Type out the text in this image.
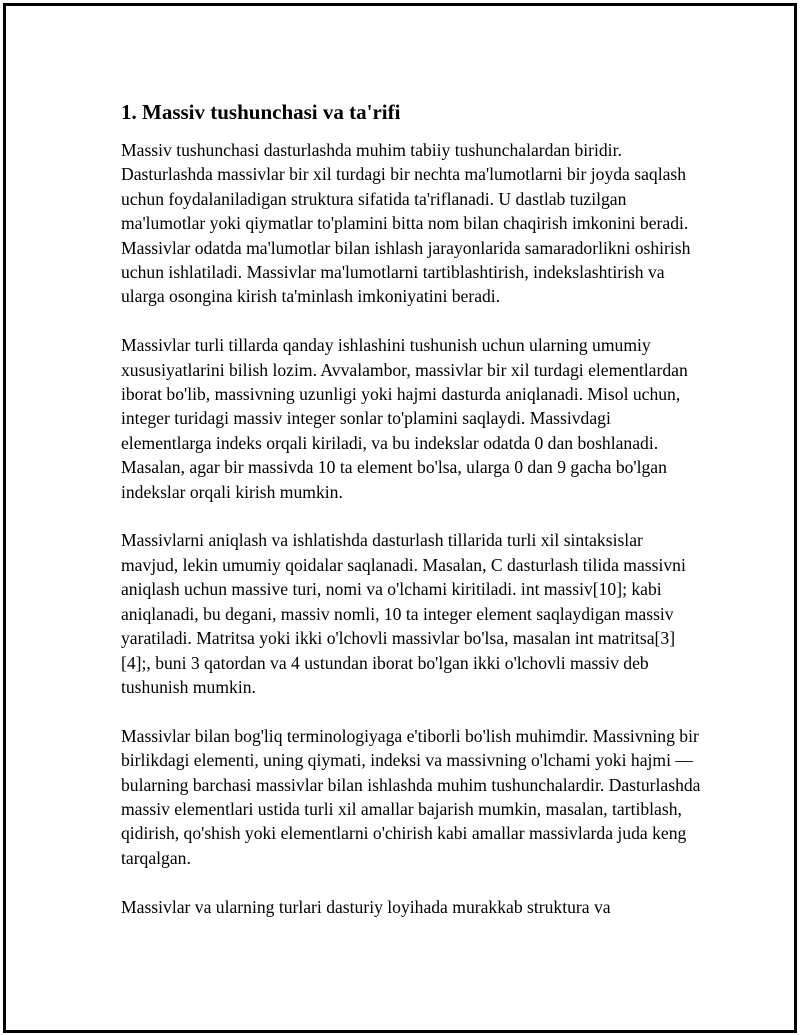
1. Massiv tushunchasi va ta'rifi

Massiv tushunchasi dasturlashda muhim tabiiy tushunchalardan biridir. Dasturlashda massivlar bir xil turdagi bir nechta ma'lumotlarni bir joyda saqlash uchun foydalaniladigan struktura sifatida ta'riflanadi. U dastlab tuzilgan ma'lumotlar yoki qiymatlar to'plamini bitta nom bilan chaqirish imkonini beradi. Massivlar odatda ma'lumotlar bilan ishlash jarayonlarida samaradorlikni oshirish uchun ishlatiladi. Massivlar ma'lumotlarni tartiblashtirish, indekslashtirish va ularga osongina kirish ta'minlash imkoniyatini beradi.

Massivlar turli tillarda qanday ishlashini tushunish uchun ularning umumiy xususiyatlarini bilish lozim. Avvalambor, massivlar bir xil turdagi elementlardan iborat bo'lib, massivning uzunligi yoki hajmi dasturda aniqlanadi. Misol uchun, integer turidagi massiv integer sonlar to'plamini saqlaydi. Massivdagi elementlarga indeks orqali kiriladi, va bu indekslar odatda 0 dan boshlanadi. Masalan, agar bir massivda 10 ta element bo'lsa, ularga 0 dan 9 gacha bo'lgan indekslar orqali kirish mumkin.

Massivlarni aniqlash va ishlatishda dasturlash tillarida turli xil sintaksislar mavjud, lekin umumiy qoidalar saqlanadi. Masalan, C dasturlash tilida massivni aniqlash uchun massive turi, nomi va o'lchami kiritiladi. int massiv[10]; kabi aniqlanadi, bu degani, massiv nomli, 10 ta integer element saqlaydigan massiv yaratiladi. Matritsa yoki ikki o'lchovli massivlar bo'lsa, masalan int matritsa[3][4];, buni 3 qatordan va 4 ustundan iborat bo'lgan ikki o'lchovli massiv deb tushunish mumkin.

Massivlar bilan bog'liq terminologiyaga e'tiborli bo'lish muhimdir. Massivning bir birlikdagi elementi, uning qiymati, indeksi va massivning o'lchami yoki hajmi — bularning barchasi massivlar bilan ishlashda muhim tushunchalardir. Dasturlashda massiv elementlari ustida turli xil amallar bajarish mumkin, masalan, tartiblash, qidirish, qo'shish yoki elementlarni o'chirish kabi amallar massivlarda juda keng tarqalgan.

Massivlar va ularning turlari dasturiy loyihada murakkab struktura va
